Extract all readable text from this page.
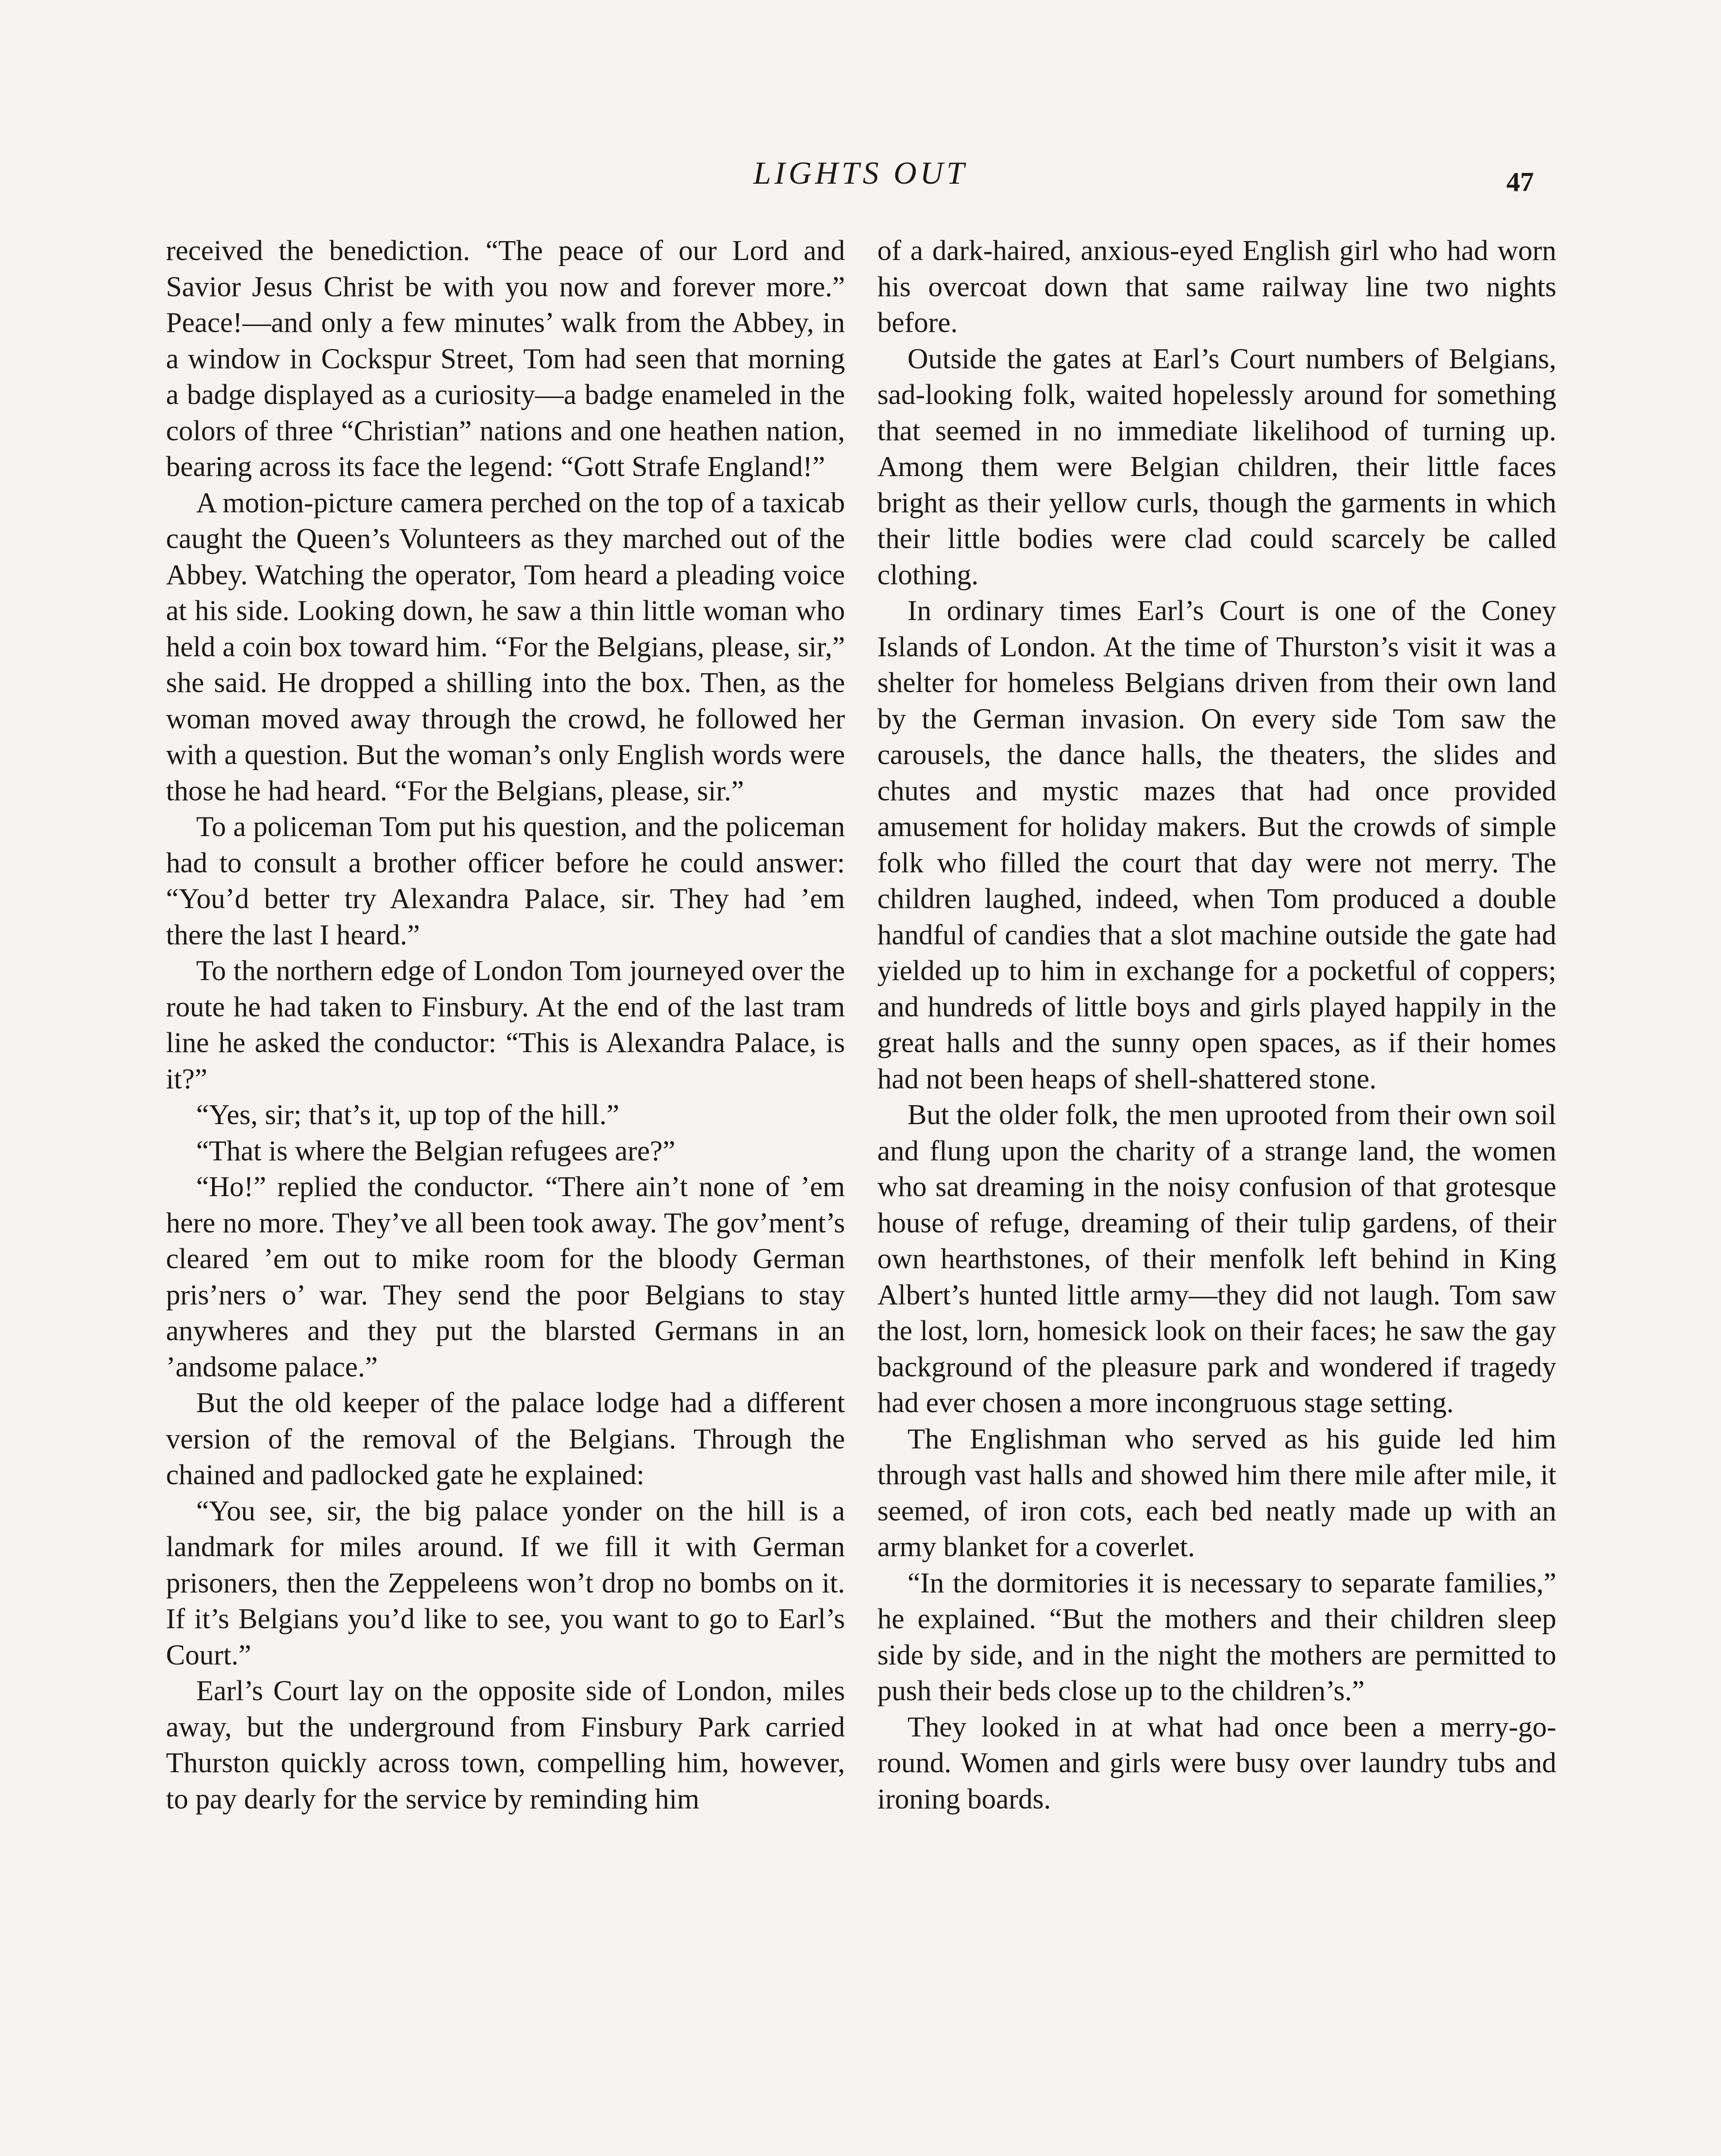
LIGHTS OUT	47

received the benediction. “The peace of our Lord and Savior Jesus Christ be with you now and forever more.” Peace!—and only a few minutes’ walk from the Abbey, in a window in Cockspur Street, Tom had seen that morning a badge displayed as a curiosity—a badge enameled in the colors of three “Christian” nations and one heathen nation, bearing across its face the legend: “Gott Strafe England!”

A motion-picture camera perched on the top of a taxicab caught the Queen’s Volunteers as they marched out of the Abbey. Watching the operator, Tom heard a pleading voice at his side. Looking down, he saw a thin little woman who held a coin box toward him. “For the Belgians, please, sir,” she said. He dropped a shilling into the box. Then, as the woman moved away through the crowd, he followed her with a question. But the woman’s only English words were those he had heard. “For the Belgians, please, sir.”

To a policeman Tom put his question, and the policeman had to consult a brother officer before he could answer: “You’d better try Alexandra Palace, sir. They had ’em there the last I heard.”

To the northern edge of London Tom journeyed over the route he had taken to Finsbury. At the end of the last tram line he asked the conductor: “This is Alexandra Palace, is it?”

“Yes, sir; that’s it, up top of the hill.”

“That is where the Belgian refugees are?”

“Ho!” replied the conductor. “There ain’t none of ’em here no more. They’ve all been took away. The gov’ment’s cleared ’em out to mike room for the bloody German pris’ners o’ war. They send the poor Belgians to stay anywheres and they put the blarsted Germans in an ’andsome palace.”

But the old keeper of the palace lodge had a different version of the removal of the Belgians. Through the chained and padlocked gate he explained:

“You see, sir, the big palace yonder on the hill is a landmark for miles around. If we fill it with German prisoners, then the Zeppeleens won’t drop no bombs on it. If it’s Belgians you’d like to see, you want to go to Earl’s Court.”

Earl’s Court lay on the opposite side of London, miles away, but the underground from Finsbury Park carried Thurston quickly across town, compelling him, however, to pay dearly for the service by reminding him

of a dark-haired, anxious-eyed English girl who had worn his overcoat down that same railway line two nights before.

Outside the gates at Earl’s Court numbers of Belgians, sad-looking folk, waited hopelessly around for something that seemed in no immediate likelihood of turning up. Among them were Belgian children, their little faces bright as their yellow curls, though the garments in which their little bodies were clad could scarcely be called clothing.

In ordinary times Earl’s Court is one of the Coney Islands of London. At the time of Thurston’s visit it was a shelter for homeless Belgians driven from their own land by the German invasion. On every side Tom saw the carousels, the dance halls, the theaters, the slides and chutes and mystic mazes that had once provided amusement for holiday makers. But the crowds of simple folk who filled the court that day were not merry. The children laughed, indeed, when Tom produced a double handful of candies that a slot machine outside the gate had yielded up to him in exchange for a pocketful of coppers; and hundreds of little boys and girls played happily in the great halls and the sunny open spaces, as if their homes had not been heaps of shell-shattered stone.

But the older folk, the men uprooted from their own soil and flung upon the charity of a strange land, the women who sat dreaming in the noisy confusion of that grotesque house of refuge, dreaming of their tulip gardens, of their own hearthstones, of their menfolk left behind in King Albert’s hunted little army—they did not laugh. Tom saw the lost, lorn, homesick look on their faces; he saw the gay background of the pleasure park and wondered if tragedy had ever chosen a more incongruous stage setting.

The Englishman who served as his guide led him through vast halls and showed him there mile after mile, it seemed, of iron cots, each bed neatly made up with an army blanket for a coverlet.

“In the dormitories it is necessary to separate families,” he explained. “But the mothers and their children sleep side by side, and in the night the mothers are permitted to push their beds close up to the children’s.”

They looked in at what had once been a merry-go-round. Women and girls were busy over laundry tubs and ironing boards.
